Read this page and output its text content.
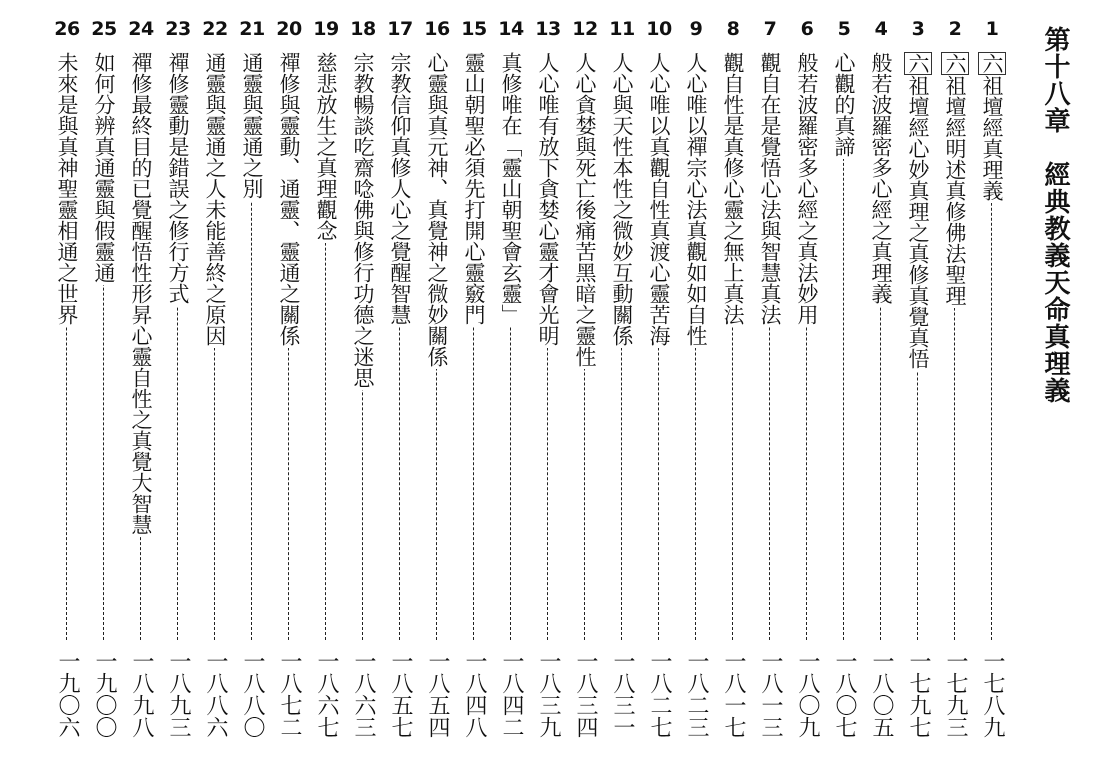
第十八章　經典教義天命真理義
1
六祖壇經真理義
一七八九
2
六祖壇經明述真修佛法聖理
一七九三
3
六祖壇經心妙真理之真修真覺真悟
一七九七
4
般若波羅密多心經之真理義
一八〇五
5
心觀的真諦
一八〇七
6
般若波羅密多心經之真法妙用
一八〇九
7
觀自在是覺悟心法與智慧真法
一八一三
8
觀自性是真修心靈之無上真法
一八一七
9
人心唯以禪宗心法真觀如如自性
一八二三
10
人心唯以真觀自性真渡心靈苦海
一八二七
11
人心與天性本性之微妙互動關係
一八三一
12
人心貪婪與死亡後痛苦黑暗之靈性
一八三四
13
人心唯有放下貪婪心靈才會光明
一八三九
14
真修唯在「靈山朝聖會玄靈」
一八四二
15
靈山朝聖必須先打開心靈竅門
一八四八
16
心靈與真元神、真覺神之微妙關係
一八五四
17
宗教信仰真修人心之覺醒智慧
一八五七
18
宗教暢談吃齋唸佛與修行功德之迷思
一八六三
19
慈悲放生之真理觀念
一八六七
20
禪修與靈動、通靈、靈通之關係
一八七二
21
通靈與靈通之別
一八八〇
22
通靈與靈通之人未能善終之原因
一八八六
23
禪修靈動是錯誤之修行方式
一八九三
24
禪修最終目的已覺醒悟性形昇心靈自性之真覺大智慧
一八九八
25
如何分辨真通靈與假靈通
一九〇〇
26
未來是與真神聖靈相通之世界
一九〇六
